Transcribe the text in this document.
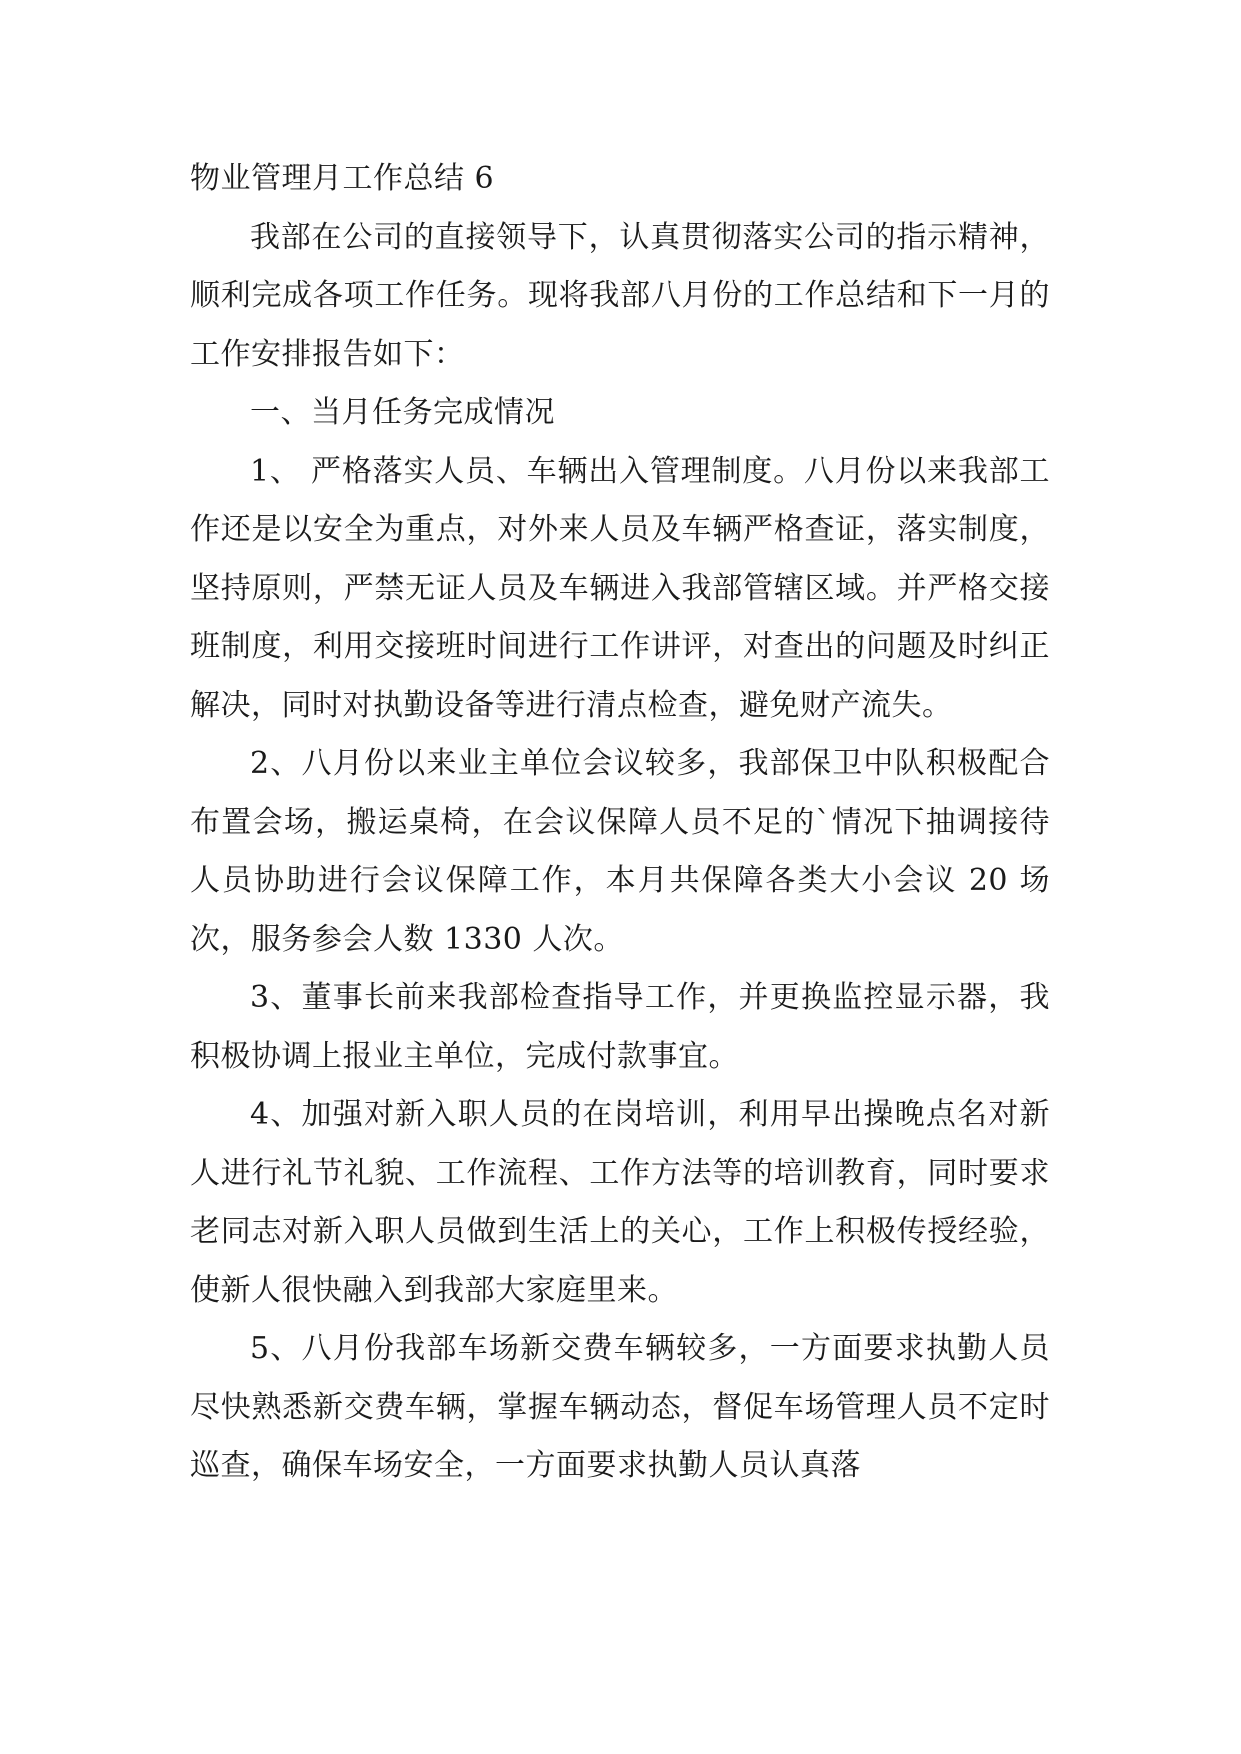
物业管理月工作总结 6

我部在公司的直接领导下，认真贯彻落实公司的指示精神，顺利完成各项工作任务。现将我部八月份的工作总结和下一月的工作安排报告如下：

一、当月任务完成情况

1、 严格落实人员、车辆出入管理制度。八月份以来我部工作还是以安全为重点，对外来人员及车辆严格查证，落实制度，坚持原则，严禁无证人员及车辆进入我部管辖区域。并严格交接班制度，利用交接班时间进行工作讲评，对查出的问题及时纠正解决，同时对执勤设备等进行清点检查，避免财产流失。

2、八月份以来业主单位会议较多，我部保卫中队积极配合布置会场，搬运桌椅，在会议保障人员不足的`情况下抽调接待人员协助进行会议保障工作，本月共保障各类大小会议 20 场次，服务参会人数 1330 人次。

3、董事长前来我部检查指导工作，并更换监控显示器，我积极协调上报业主单位，完成付款事宜。

4、加强对新入职人员的在岗培训，利用早出操晚点名对新人进行礼节礼貌、工作流程、工作方法等的培训教育，同时要求老同志对新入职人员做到生活上的关心，工作上积极传授经验，使新人很快融入到我部大家庭里来。

5、八月份我部车场新交费车辆较多，一方面要求执勤人员尽快熟悉新交费车辆，掌握车辆动态，督促车场管理人员不定时巡查，确保车场安全，一方面要求执勤人员认真落
